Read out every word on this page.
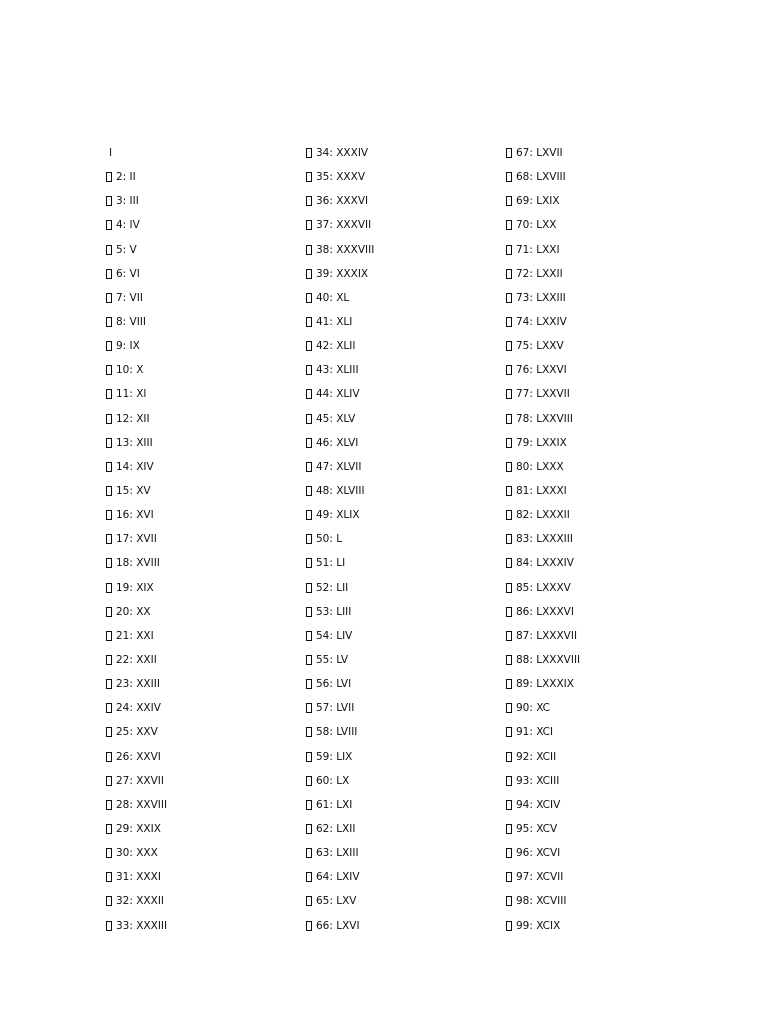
I
2: II
3: III
4: IV
5: V
6: VI
7: VII
8: VIII
9: IX
10: X
11: XI
12: XII
13: XIII
14: XIV
15: XV
16: XVI
17: XVII
18: XVIII
19: XIX
20: XX
21: XXI
22: XXII
23: XXIII
24: XXIV
25: XXV
26: XXVI
27: XXVII
28: XXVIII
29: XXIX
30: XXX
31: XXXI
32: XXXII
33: XXXIII
34: XXXIV
35: XXXV
36: XXXVI
37: XXXVII
38: XXXVIII
39: XXXIX
40: XL
41: XLI
42: XLII
43: XLIII
44: XLIV
45: XLV
46: XLVI
47: XLVII
48: XLVIII
49: XLIX
50: L
51: LI
52: LII
53: LIII
54: LIV
55: LV
56: LVI
57: LVII
58: LVIII
59: LIX
60: LX
61: LXI
62: LXII
63: LXIII
64: LXIV
65: LXV
66: LXVI
67: LXVII
68: LXVIII
69: LXIX
70: LXX
71: LXXI
72: LXXII
73: LXXIII
74: LXXIV
75: LXXV
76: LXXVI
77: LXXVII
78: LXXVIII
79: LXXIX
80: LXXX
81: LXXXI
82: LXXXII
83: LXXXIII
84: LXXXIV
85: LXXXV
86: LXXXVI
87: LXXXVII
88: LXXXVIII
89: LXXXIX
90: XC
91: XCI
92: XCII
93: XCIII
94: XCIV
95: XCV
96: XCVI
97: XCVII
98: XCVIII
99: XCIX
